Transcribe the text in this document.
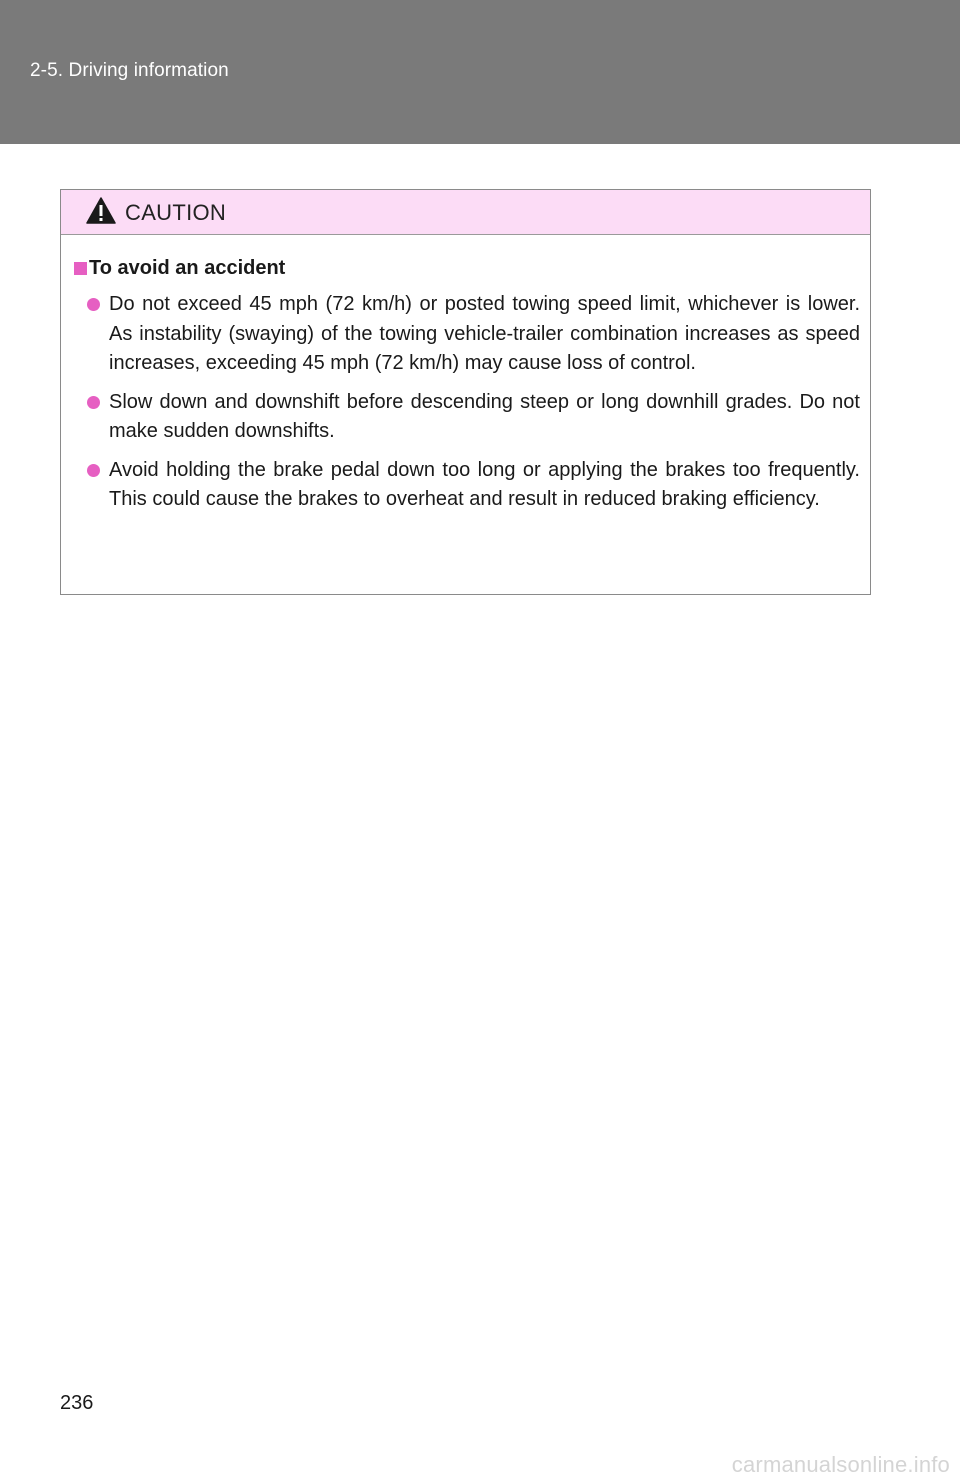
2-5. Driving information
CAUTION
To avoid an accident
Do not exceed 45 mph (72 km/h) or posted towing speed limit, whichever is lower. As instability (swaying) of the towing vehicle-trailer combination increases as speed increases, exceeding 45 mph (72 km/h) may cause loss of control.
Slow down and downshift before descending steep or long downhill grades. Do not make sudden downshifts.
Avoid holding the brake pedal down too long or applying the brakes too frequently. This could cause the brakes to overheat and result in reduced braking efficiency.
236
carmanualsonline.info
